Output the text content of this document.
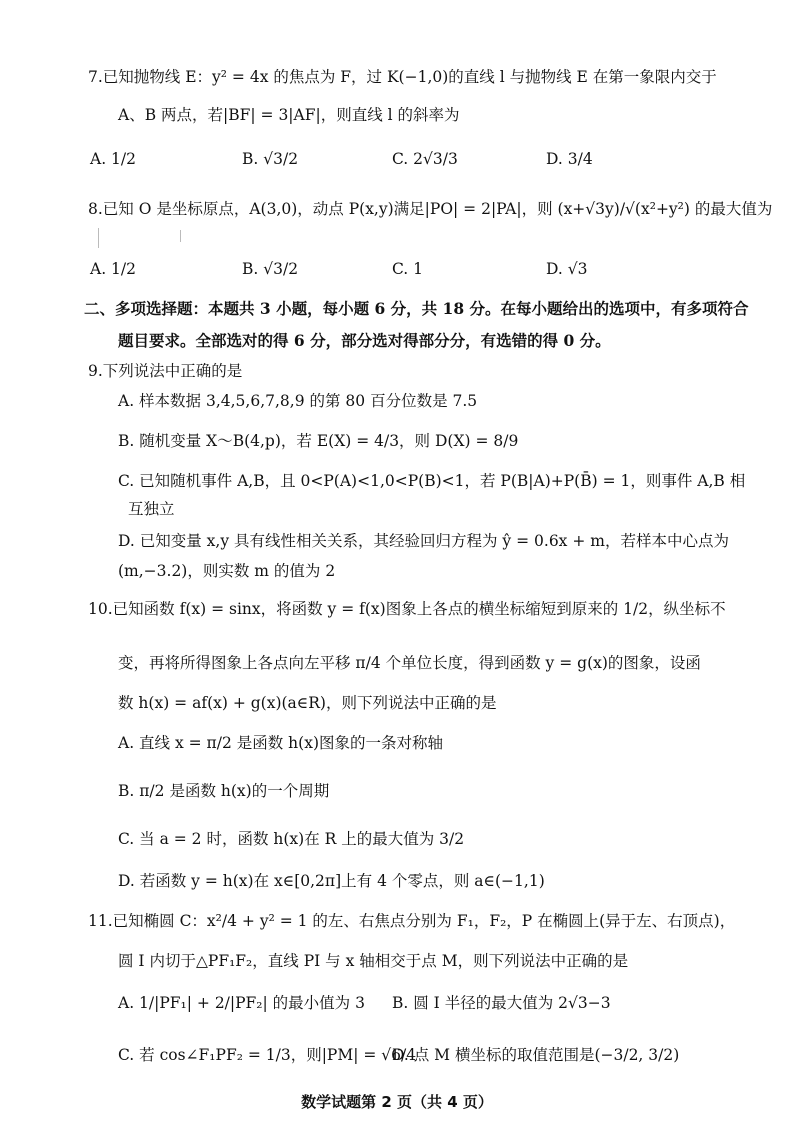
7.已知抛物线 E：y² = 4x 的焦点为 F，过 K(−1,0)的直线 l 与抛物线 E 在第一象限内交于
A、B 两点，若|BF| = 3|AF|，则直线 l 的斜率为
A. 1/2	B. √3/2	C. 2√3/3	D. 3/4
8.已知 O 是坐标原点，A(3,0)，动点 P(x,y)满足|PO| = 2|PA|，则 (x+√3y)/√(x²+y²) 的最大值为
A. 1/2	B. √3/2	C. 1	D. √3
二、多项选择题：本题共 3 小题，每小题 6 分，共 18 分。在每小题给出的选项中，有多项符合
题目要求。全部选对的得 6 分，部分选对得部分分，有选错的得 0 分。
9.下列说法中正确的是
A. 样本数据 3,4,5,6,7,8,9 的第 80 百分位数是 7.5
B. 随机变量 X～B(4,p)，若 E(X) = 4/3，则 D(X) = 8/9
C. 已知随机事件 A,B，且 0<P(A)<1,0<P(B)<1，若 P(B|A)+P(B̄) = 1，则事件 A,B 相
互独立
D. 已知变量 x,y 具有线性相关关系，其经验回归方程为 ŷ = 0.6x + m，若样本中心点为
(m,−3.2)，则实数 m 的值为 2
10.已知函数 f(x) = sinx，将函数 y = f(x)图象上各点的横坐标缩短到原来的 1/2，纵坐标不
变，再将所得图象上各点向左平移 π/4 个单位长度，得到函数 y = g(x)的图象，设函
数 h(x) = af(x) + g(x)(a∈R)，则下列说法中正确的是
A. 直线 x = π/2 是函数 h(x)图象的一条对称轴
B. π/2 是函数 h(x)的一个周期
C. 当 a = 2 时，函数 h(x)在 R 上的最大值为 3/2
D. 若函数 y = h(x)在 x∈[0,2π]上有 4 个零点，则 a∈(−1,1)
11.已知椭圆 C：x²/4 + y² = 1 的左、右焦点分别为 F₁，F₂，P 在椭圆上(异于左、右顶点)，
圆 I 内切于△PF₁F₂，直线 PI 与 x 轴相交于点 M，则下列说法中正确的是
A. 1/|PF₁| + 2/|PF₂| 的最小值为 3 B. 圆 I 半径的最大值为 2√3−3
C. 若 cos∠F₁PF₂ = 1/3，则|PM| = √6/4
D. 点 M 横坐标的取值范围是(−3/2, 3/2)
数学试题第 2 页（共 4 页）
